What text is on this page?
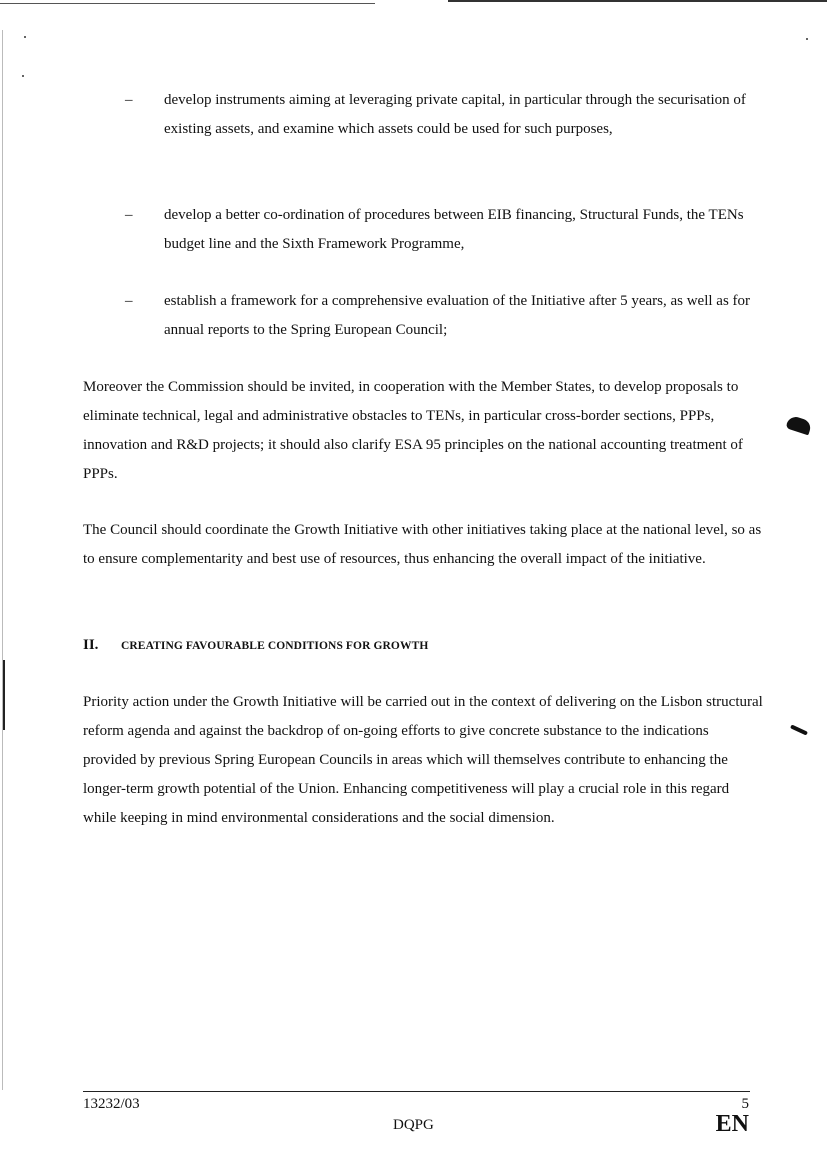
– develop instruments aiming at leveraging private capital, in particular through the securisation of existing assets, and examine which assets could be used for such purposes,
– develop a better co-ordination of procedures between EIB financing, Structural Funds, the TENs budget line and the Sixth Framework Programme,
– establish a framework for a comprehensive evaluation of the Initiative after 5 years, as well as for annual reports to the Spring European Council;
Moreover the Commission should be invited, in cooperation with the Member States, to develop proposals to eliminate technical, legal and administrative obstacles to TENs, in particular cross-border sections, PPPs, innovation and R&D projects; it should also clarify ESA 95 principles on the national accounting treatment of PPPs.
The Council should coordinate the Growth Initiative with other initiatives taking place at the national level, so as to ensure complementarity and best use of resources, thus enhancing the overall impact of the initiative.
II. CREATING FAVOURABLE CONDITIONS FOR GROWTH
Priority action under the Growth Initiative will be carried out in the context of delivering on the Lisbon structural reform agenda and against the backdrop of on-going efforts to give concrete substance to the indications provided by previous Spring European Councils in areas which will themselves contribute to enhancing the longer-term growth potential of the Union. Enhancing competitiveness will play a crucial role in this regard while keeping in mind environmental considerations and the social dimension.
13232/03
DQPG
5
EN
